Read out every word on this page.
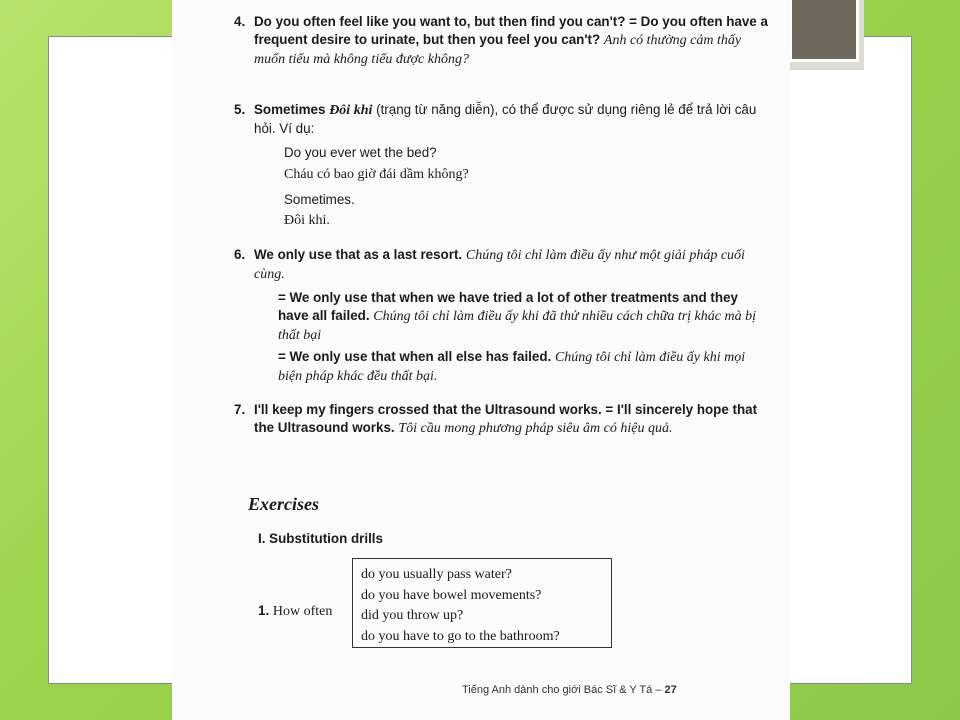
4. Do you often feel like you want to, but then find you can't? = Do you often have a frequent desire to urinate, but then you feel you can't? Anh có thường cảm thấy muốn tiểu mà không tiểu được không?
5. Sometimes Đôi khi (trạng từ năng diễn), có thể được sử dụng riêng lẻ để trả lời câu hỏi. Ví dụ:
Do you ever wet the bed?
Cháu có bao giờ đái dầm không?
Sometimes.
Đôi khi.
6. We only use that as a last resort. Chúng tôi chỉ làm điều ấy như một giải pháp cuối cùng.
= We only use that when we have tried a lot of other treatments and they have all failed. Chúng tôi chỉ làm điều ấy khi đã thử nhiều cách chữa trị khác mà bị thất bại
= We only use that when all else has failed. Chúng tôi chỉ làm điều ấy khi mọi biện pháp khác đều thất bại.
7. I'll keep my fingers crossed that the Ultrasound works. = I'll sincerely hope that the Ultrasound works. Tôi cầu mong phương pháp siêu âm có hiệu quả.
Exercises
I. Substitution drills
1. How often
do you usually pass water?
do you have bowel movements?
did you throw up?
do you have to go to the bathroom?
Tiếng Anh dành cho giới Bác Sĩ & Y Tá – 27
